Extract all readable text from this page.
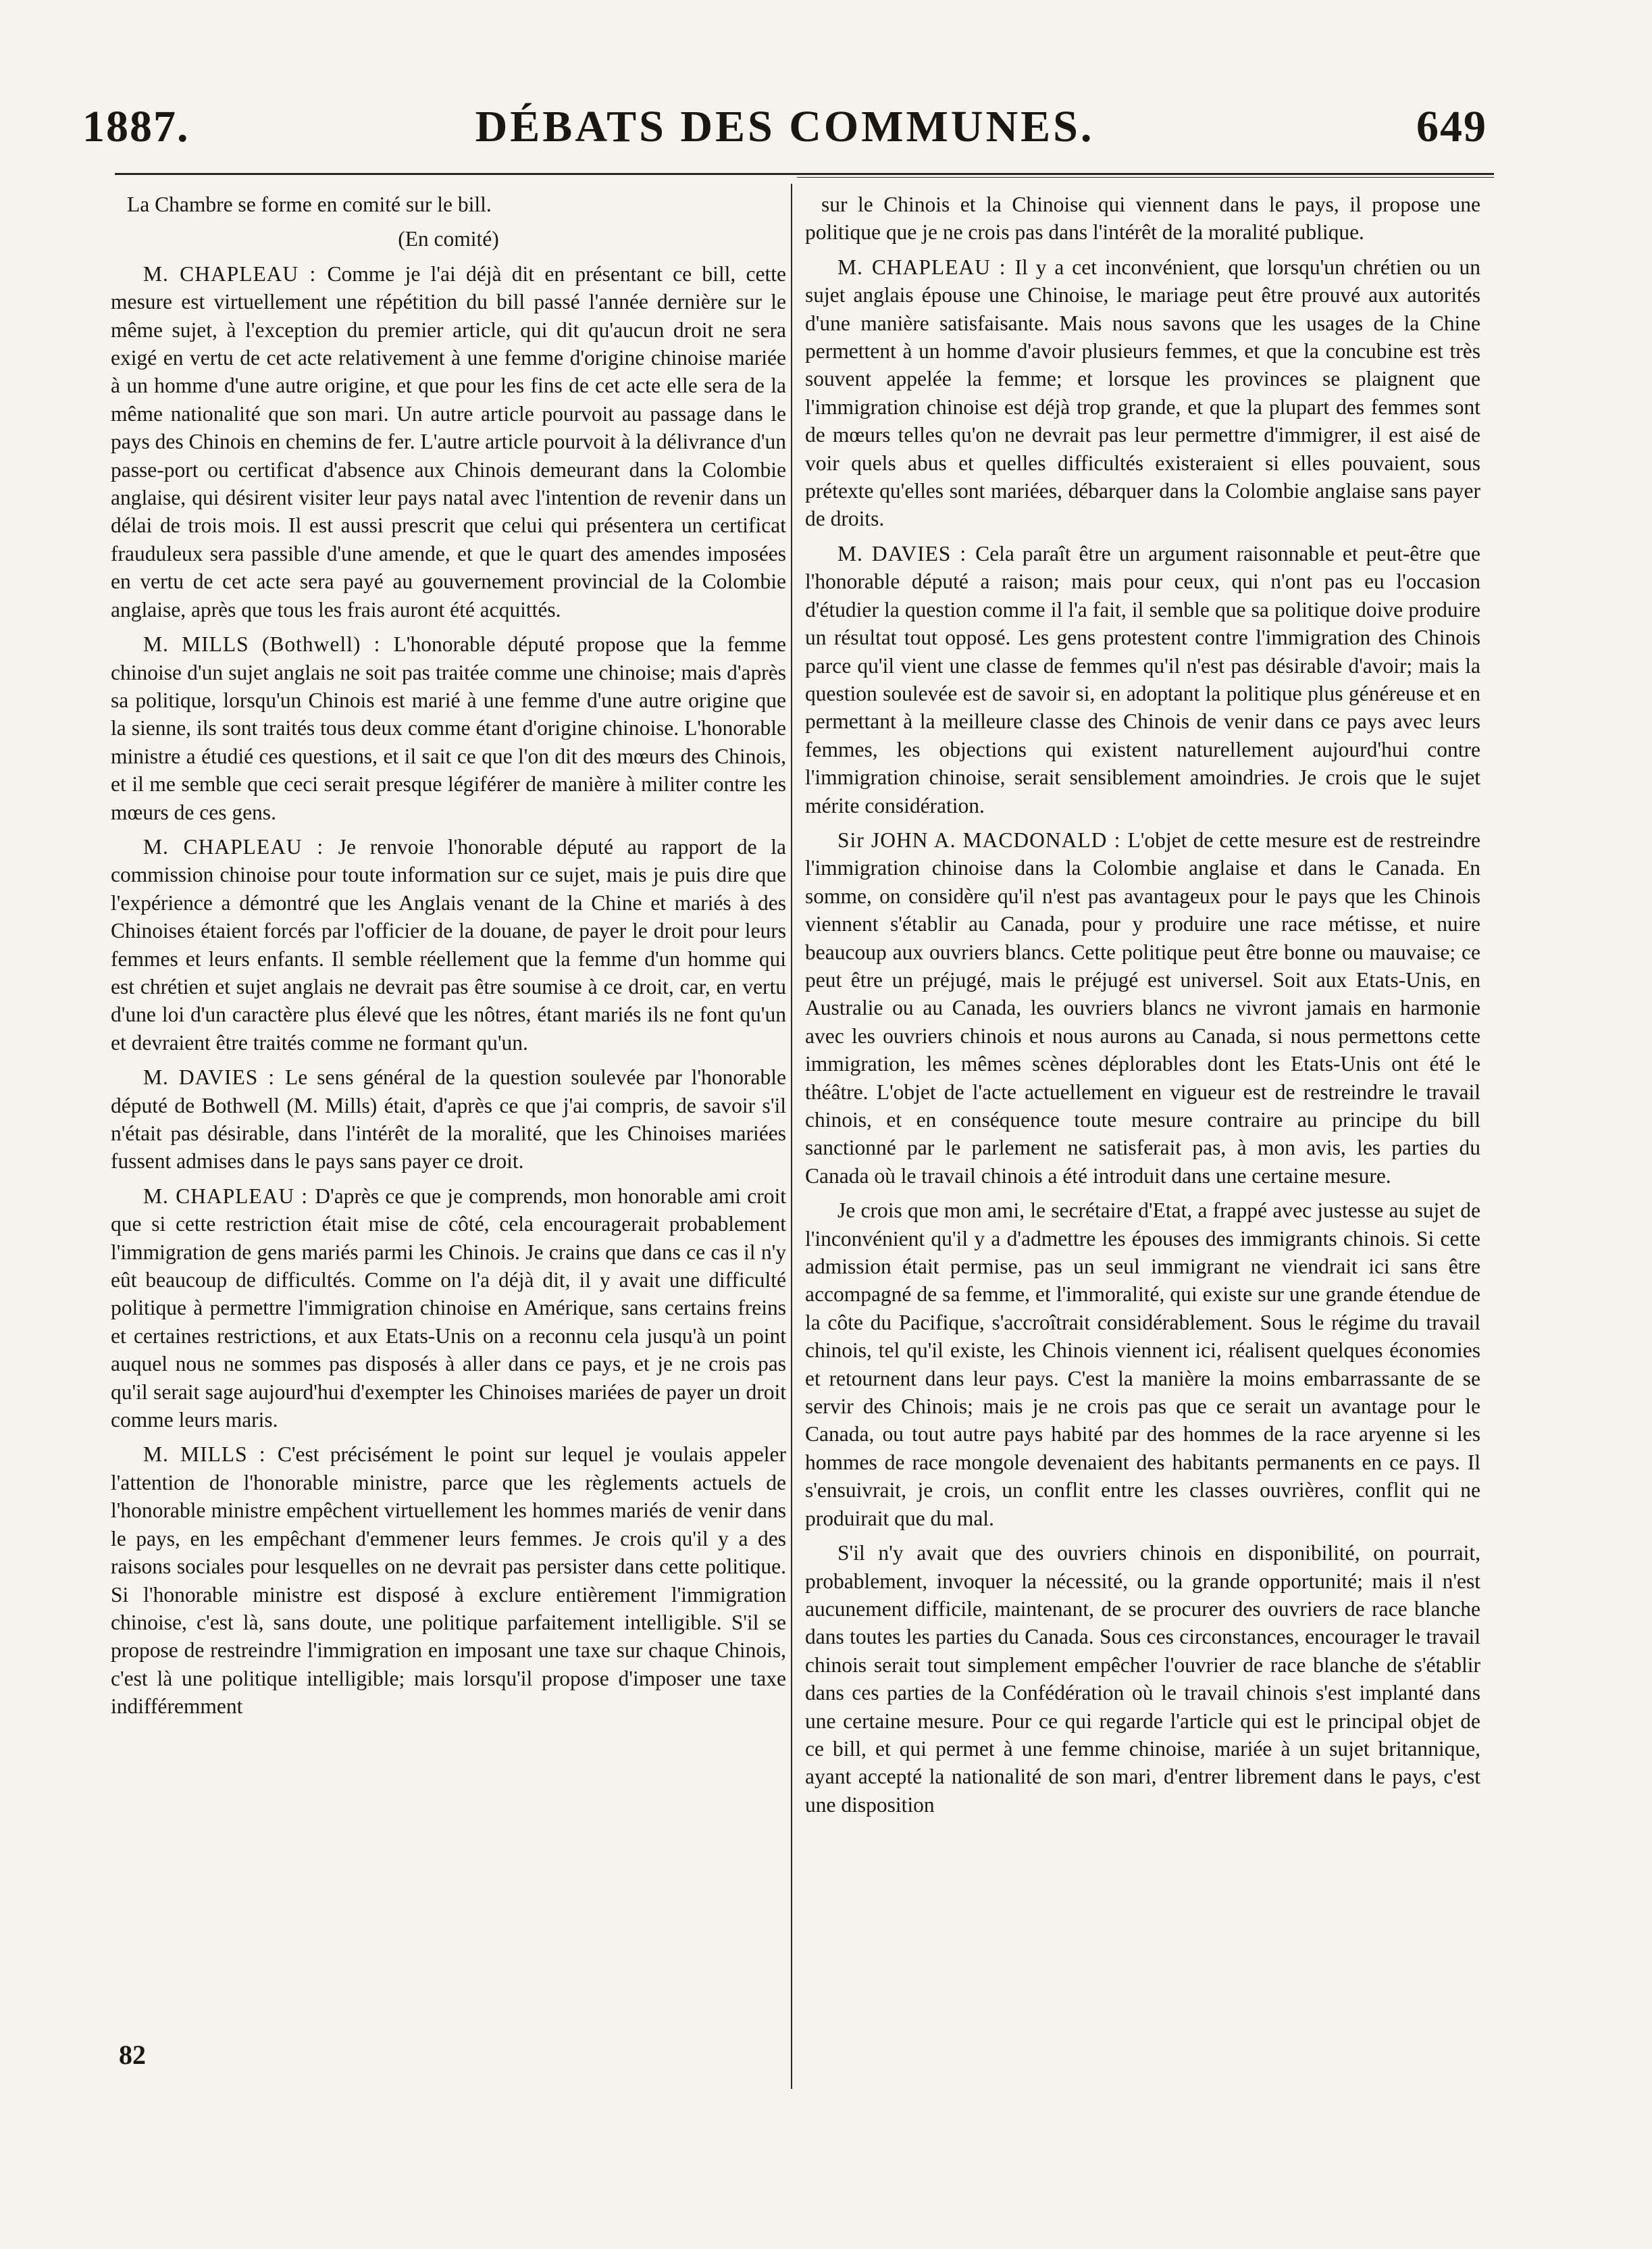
DÉBATS DES COMMUNES.
1887.	649

La Chambre se forme en comité sur le bill.

(En comité)

M. CHAPLEAU : Comme je l'ai déjà dit en présentant ce bill, cette mesure est virtuellement une répétition du bill passé l'année dernière sur le même sujet, à l'exception du premier article, qui dit qu'aucun droit ne sera exigé en vertu de cet acte relativement à une femme d'origine chinoise mariée à un homme d'une autre origine, et que pour les fins de cet acte elle sera de la même nationalité que son mari. Un autre article pourvoit au passage dans le pays des Chinois en chemins de fer. L'autre article pourvoit à la délivrance d'un passe-port ou certificat d'absence aux Chinois demeurant dans la Colombie anglaise, qui désirent visiter leur pays natal avec l'intention de revenir dans un délai de trois mois. Il est aussi prescrit que celui qui présentera un certificat frauduleux sera passible d'une amende, et que le quart des amendes imposées en vertu de cet acte sera payé au gouvernement provincial de la Colombie anglaise, après que tous les frais auront été acquittés.

M. MILLS (Bothwell) : L'honorable député propose que la femme chinoise d'un sujet anglais ne soit pas traitée comme une chinoise; mais d'après sa politique, lorsqu'un Chinois est marié à une femme d'une autre origine que la sienne, ils sont traités tous deux comme étant d'origine chinoise. L'honorable ministre a étudié ces questions, et il sait ce que l'on dit des mœurs des Chinois, et il me semble que ceci serait presque légiférer de manière à militer contre les mœurs de ces gens.

M. CHAPLEAU : Je renvoie l'honorable député au rapport de la commission chinoise pour toute information sur ce sujet, mais je puis dire que l'expérience a démontré que les Anglais venant de la Chine et mariés à des Chinoises étaient forcés par l'officier de la douane, de payer le droit pour leurs femmes et leurs enfants. Il semble réellement que la femme d'un homme qui est chrétien et sujet anglais ne devrait pas être soumise à ce droit, car, en vertu d'une loi d'un caractère plus élevé que les nôtres, étant mariés ils ne font qu'un et devraient être traités comme ne formant qu'un.

M. DAVIES : Le sens général de la question soulevée par l'honorable député de Bothwell (M. Mills) était, d'après ce que j'ai compris, de savoir s'il n'était pas désirable, dans l'intérêt de la moralité, que les Chinoises mariées fussent admises dans le pays sans payer ce droit.

M. CHAPLEAU : D'après ce que je comprends, mon honorable ami croit que si cette restriction était mise de côté, cela encouragerait probablement l'immigration de gens mariés parmi les Chinois. Je crains que dans ce cas il n'y eût beaucoup de difficultés. Comme on l'a déjà dit, il y avait une difficulté politique à permettre l'immigration chinoise en Amérique, sans certains freins et certaines restrictions, et aux Etats-Unis on a reconnu cela jusqu'à un point auquel nous ne sommes pas disposés à aller dans ce pays, et je ne crois pas qu'il serait sage aujourd'hui d'exempter les Chinoises mariées de payer un droit comme leurs maris.

M. MILLS : C'est précisément le point sur lequel je voulais appeler l'attention de l'honorable ministre, parce que les règlements actuels de l'honorable ministre empêchent virtuellement les hommes mariés de venir dans le pays, en les empêchant d'emmener leurs femmes. Je crois qu'il y a des raisons sociales pour lesquelles on ne devrait pas persister dans cette politique. Si l'honorable ministre est disposé à exclure entièrement l'immigration chinoise, c'est là, sans doute, une politique parfaitement intelligible. S'il se propose de restreindre l'immigration en imposant une taxe sur chaque Chinois, c'est là une politique intelligible; mais lorsqu'il propose d'imposer une taxe indifféremment

sur le Chinois et la Chinoise qui viennent dans le pays, il propose une politique que je ne crois pas dans l'intérêt de la moralité publique.

M. CHAPLEAU : Il y a cet inconvénient, que lorsqu'un chrétien ou un sujet anglais épouse une Chinoise, le mariage peut être prouvé aux autorités d'une manière satisfaisante. Mais nous savons que les usages de la Chine permettent à un homme d'avoir plusieurs femmes, et que la concubine est très souvent appelée la femme; et lorsque les provinces se plaignent que l'immigration chinoise est déjà trop grande, et que la plupart des femmes sont de mœurs telles qu'on ne devrait pas leur permettre d'immigrer, il est aisé de voir quels abus et quelles difficultés existeraient si elles pouvaient, sous prétexte qu'elles sont mariées, débarquer dans la Colombie anglaise sans payer de droits.

M. DAVIES : Cela paraît être un argument raisonnable et peut-être que l'honorable député a raison; mais pour ceux, qui n'ont pas eu l'occasion d'étudier la question comme il l'a fait, il semble que sa politique doive produire un résultat tout opposé. Les gens protestent contre l'immigration des Chinois parce qu'il vient une classe de femmes qu'il n'est pas désirable d'avoir; mais la question soulevée est de savoir si, en adoptant la politique plus généreuse et en permettant à la meilleure classe des Chinois de venir dans ce pays avec leurs femmes, les objections qui existent naturellement aujourd'hui contre l'immigration chinoise, serait sensiblement amoindries. Je crois que le sujet mérite considération.

Sir JOHN A. MACDONALD : L'objet de cette mesure est de restreindre l'immigration chinoise dans la Colombie anglaise et dans le Canada. En somme, on considère qu'il n'est pas avantageux pour le pays que les Chinois viennent s'établir au Canada, pour y produire une race métisse, et nuire beaucoup aux ouvriers blancs. Cette politique peut être bonne ou mauvaise; ce peut être un préjugé, mais le préjugé est universel. Soit aux Etats-Unis, en Australie ou au Canada, les ouvriers blancs ne vivront jamais en harmonie avec les ouvriers chinois et nous aurons au Canada, si nous permettons cette immigration, les mêmes scènes déplorables dont les Etats-Unis ont été le théâtre. L'objet de l'acte actuellement en vigueur est de restreindre le travail chinois, et en conséquence toute mesure contraire au principe du bill sanctionné par le parlement ne satisferait pas, à mon avis, les parties du Canada où le travail chinois a été introduit dans une certaine mesure.

Je crois que mon ami, le secrétaire d'Etat, a frappé avec justesse au sujet de l'inconvénient qu'il y a d'admettre les épouses des immigrants chinois. Si cette admission était permise, pas un seul immigrant ne viendrait ici sans être accompagné de sa femme, et l'immoralité, qui existe sur une grande étendue de la côte du Pacifique, s'accroîtrait considérablement. Sous le régime du travail chinois, tel qu'il existe, les Chinois viennent ici, réalisent quelques économies et retournent dans leur pays. C'est la manière la moins embarrassante de se servir des Chinois; mais je ne crois pas que ce serait un avantage pour le Canada, ou tout autre pays habité par des hommes de la race aryenne si les hommes de race mongole devenaient des habitants permanents en ce pays. Il s'ensuivrait, je crois, un conflit entre les classes ouvrières, conflit qui ne produirait que du mal.

S'il n'y avait que des ouvriers chinois en disponibilité, on pourrait, probablement, invoquer la nécessité, ou la grande opportunité; mais il n'est aucunement difficile, maintenant, de se procurer des ouvriers de race blanche dans toutes les parties du Canada. Sous ces circonstances, encourager le travail chinois serait tout simplement empêcher l'ouvrier de race blanche de s'établir dans ces parties de la Confédération où le travail chinois s'est implanté dans une certaine mesure. Pour ce qui regarde l'article qui est le principal objet de ce bill, et qui permet à une femme chinoise, mariée à un sujet britannique, ayant accepté la nationalité de son mari, d'entrer librement dans le pays, c'est une disposition

82
